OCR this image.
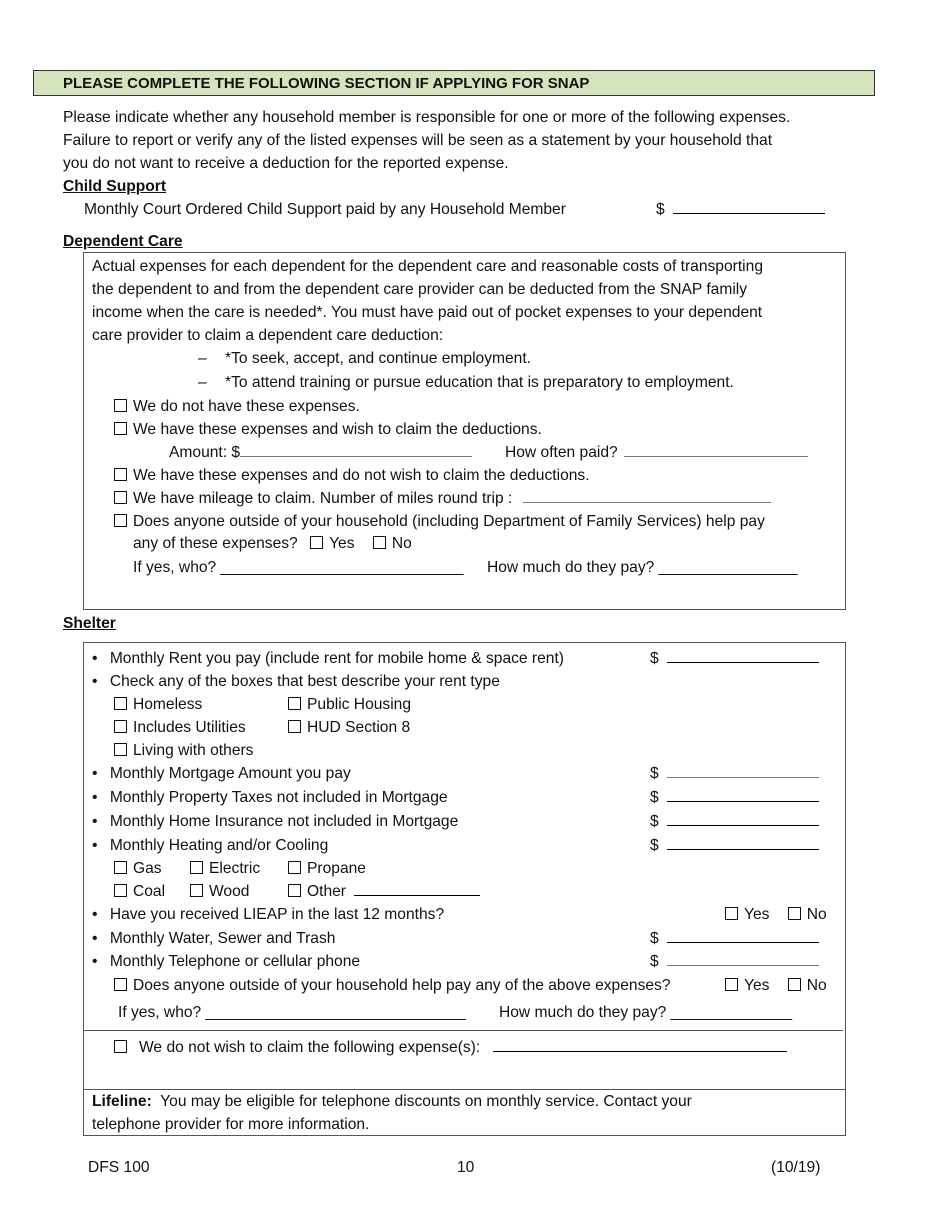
PLEASE COMPLETE THE FOLLOWING SECTION IF APPLYING FOR SNAP
Please indicate whether any household member is responsible for one or more of the following expenses.
Failure to report or verify any of the listed expenses will be seen as a statement by your household that
you do not want to receive a deduction for the reported expense.
Child Support
Monthly Court Ordered Child Support paid by any Household Member	$
Dependent Care
Actual expenses for each dependent for the dependent care and reasonable costs of transporting
the dependent to and from the dependent care provider can be deducted from the SNAP family
income when the care is needed*. You must have paid out of pocket expenses to your dependent
care provider to claim a dependent care deduction:
– *To seek, accept, and continue employment.
– *To attend training or pursue education that is preparatory to employment.
We do not have these expenses.
We have these expenses and wish to claim the deductions.
Amount: $	How often paid?
We have these expenses and do not wish to claim the deductions.
We have mileage to claim. Number of miles round trip :
Does anyone outside of your household (including Department of Family Services) help pay
any of these expenses? Yes No
If yes, who? ____________________________ How much do they pay? ________________
Shelter
• Monthly Rent you pay (include rent for mobile home & space rent)	$
• Check any of the boxes that best describe your rent type
Homeless	Public Housing
Includes Utilities	HUD Section 8
Living with others
• Monthly Mortgage Amount you pay	$
• Monthly Property Taxes not included in Mortgage	$
• Monthly Home Insurance not included in Mortgage	$
• Monthly Heating and/or Cooling	$
Gas	Electric	Propane
Coal	Wood	Other
• Have you received LIEAP in the last 12 months?	Yes No
• Monthly Water, Sewer and Trash	$
• Monthly Telephone or cellular phone	$
Does anyone outside of your household help pay any of the above expenses?	Yes No
If yes, who? ______________________________ How much do they pay? ______________
We do not wish to claim the following expense(s):
Lifeline: You may be eligible for telephone discounts on monthly service. Contact your
telephone provider for more information.
DFS 100	10	(10/19)
